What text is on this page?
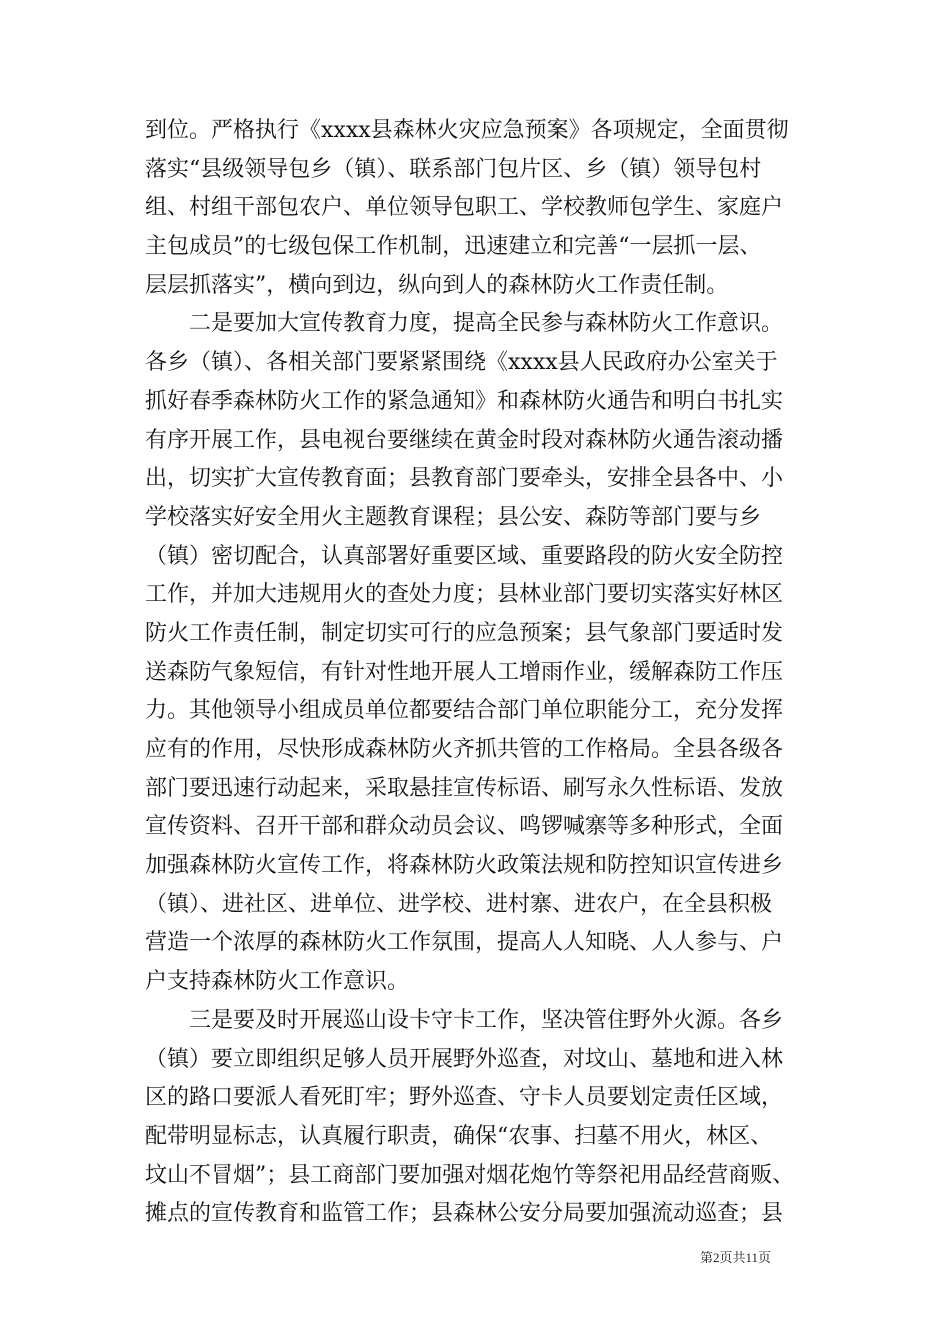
到位。严格执行《xxxx县森林火灾应急预案》各项规定，全面贯彻
落实“县级领导包乡（镇）、联系部门包片区、乡（镇）领导包村
组、村组干部包农户、单位领导包职工、学校教师包学生、家庭户
主包成员”的七级包保工作机制，迅速建立和完善“一层抓一层、
层层抓落实”，横向到边，纵向到人的森林防火工作责任制。
二是要加大宣传教育力度，提高全民参与森林防火工作意识。
各乡（镇）、各相关部门要紧紧围绕《xxxx县人民政府办公室关于
抓好春季森林防火工作的紧急通知》和森林防火通告和明白书扎实
有序开展工作，县电视台要继续在黄金时段对森林防火通告滚动播
出，切实扩大宣传教育面；县教育部门要牵头，安排全县各中、小
学校落实好安全用火主题教育课程；县公安、森防等部门要与乡
（镇）密切配合，认真部署好重要区域、重要路段的防火安全防控
工作，并加大违规用火的查处力度；县林业部门要切实落实好林区
防火工作责任制，制定切实可行的应急预案；县气象部门要适时发
送森防气象短信，有针对性地开展人工增雨作业，缓解森防工作压
力。其他领导小组成员单位都要结合部门单位职能分工，充分发挥
应有的作用，尽快形成森林防火齐抓共管的工作格局。全县各级各
部门要迅速行动起来，采取悬挂宣传标语、刷写永久性标语、发放
宣传资料、召开干部和群众动员会议、鸣锣喊寨等多种形式，全面
加强森林防火宣传工作，将森林防火政策法规和防控知识宣传进乡
（镇）、进社区、进单位、进学校、进村寨、进农户，在全县积极
营造一个浓厚的森林防火工作氛围，提高人人知晓、人人参与、户
户支持森林防火工作意识。
三是要及时开展巡山设卡守卡工作，坚决管住野外火源。各乡
（镇）要立即组织足够人员开展野外巡查，对坟山、墓地和进入林
区的路口要派人看死盯牢；野外巡查、守卡人员要划定责任区域，
配带明显标志，认真履行职责，确保“农事、扫墓不用火，林区、
坟山不冒烟”；县工商部门要加强对烟花炮竹等祭祀用品经营商贩、
摊点的宣传教育和监管工作；县森林公安分局要加强流动巡查；县
第2页共11页
